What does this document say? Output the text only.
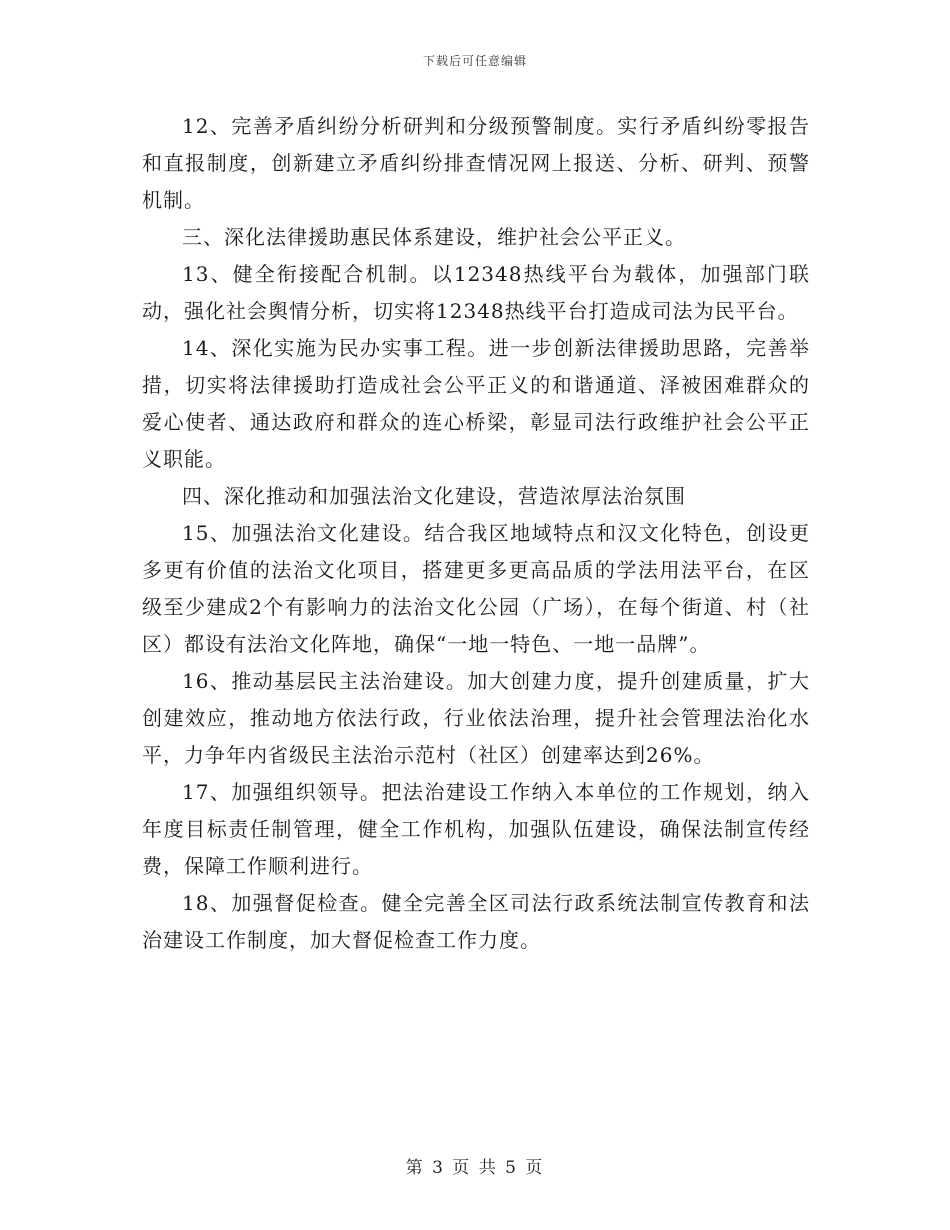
下载后可任意编辑

12、完善矛盾纠纷分析研判和分级预警制度。实行矛盾纠纷零报告和直报制度，创新建立矛盾纠纷排查情况网上报送、分析、研判、预警机制。

三、深化法律援助惠民体系建设，维护社会公平正义。

13、健全衔接配合机制。以12348热线平台为载体，加强部门联动，强化社会舆情分析，切实将12348热线平台打造成司法为民平台。

14、深化实施为民办实事工程。进一步创新法律援助思路，完善举措，切实将法律援助打造成社会公平正义的和谐通道、泽被困难群众的爱心使者、通达政府和群众的连心桥梁，彰显司法行政维护社会公平正义职能。

四、深化推动和加强法治文化建设，营造浓厚法治氛围

15、加强法治文化建设。结合我区地域特点和汉文化特色，创设更多更有价值的法治文化项目，搭建更多更高品质的学法用法平台，在区级至少建成2个有影响力的法治文化公园（广场），在每个街道、村（社区）都设有法治文化阵地，确保“一地一特色、一地一品牌”。

16、推动基层民主法治建设。加大创建力度，提升创建质量，扩大创建效应，推动地方依法行政，行业依法治理，提升社会管理法治化水平，力争年内省级民主法治示范村（社区）创建率达到26%。

17、加强组织领导。把法治建设工作纳入本单位的工作规划，纳入年度目标责任制管理，健全工作机构，加强队伍建设，确保法制宣传经费，保障工作顺利进行。

18、加强督促检查。健全完善全区司法行政系统法制宣传教育和法治建设工作制度，加大督促检查工作力度。

第 3 页 共 5 页
